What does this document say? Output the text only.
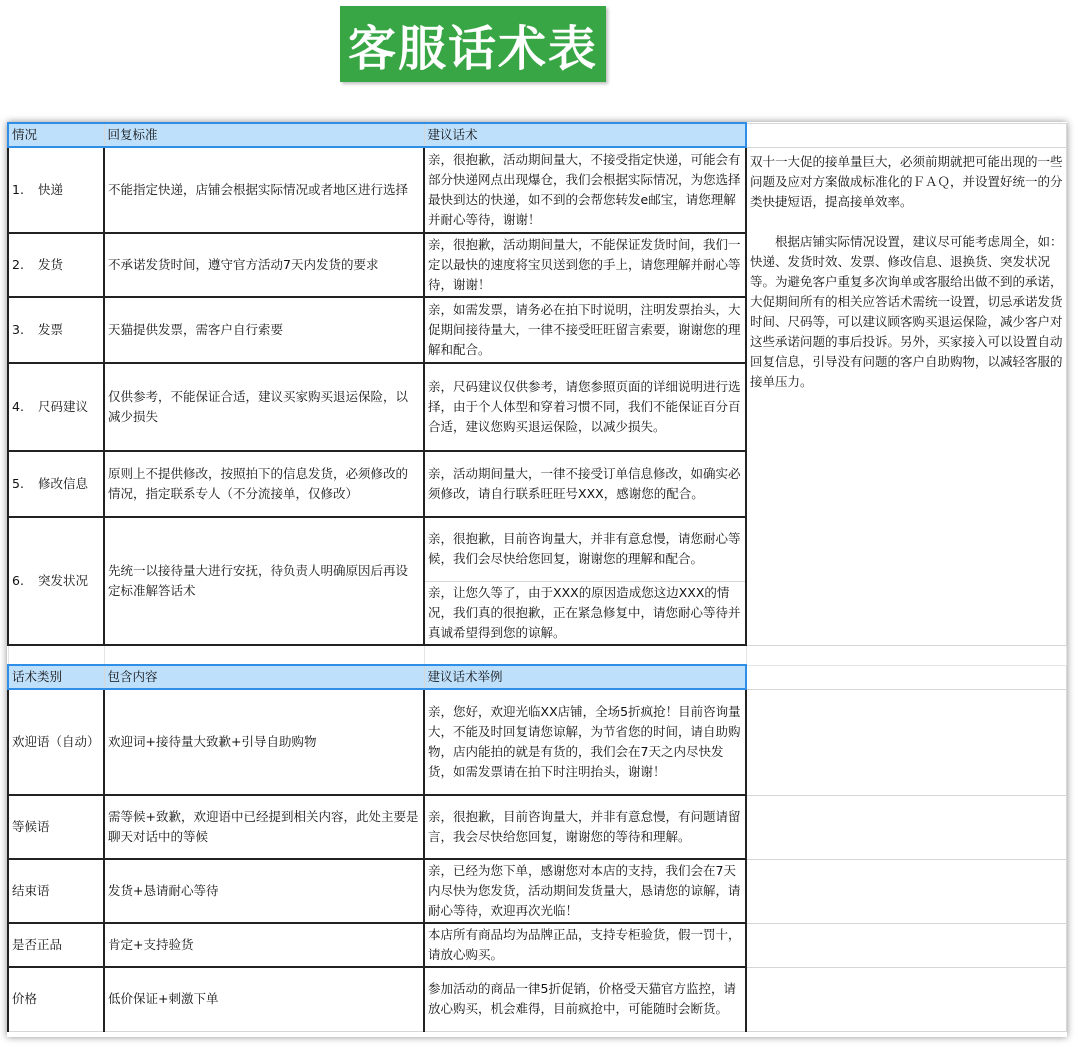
客服话术表
情况	回复标准	建议话术	
1. 快递	不能指定快递，店铺会根据实际情况或者地区进行选择	亲，很抱歉，活动期间量大，不接受指定快递，可能会有部分快递网点出现爆仓，我们会根据实际情况，为您选择最快到达的快递，如不到的会帮您转发e邮宝，请您理解并耐心等待，谢谢！	双十一大促的接单量巨大，必须前期就把可能出现的一些问题及应对方案做成标准化的ＦＡＱ，并设置好统一的分类快捷短语，提高接单效率。

　　根据店铺实际情况设置，建议尽可能考虑周全，如：快递、发货时效、发票、修改信息、退换货、突发状况等。为避免客户重复多次询单或客服给出做不到的承诺，大促期间所有的相关应答话术需统一设置，切忌承诺发货时间、尺码等，可以建议顾客购买退运保险，减少客户对这些承诺问题的事后投诉。另外，买家接入可以设置自动回复信息，引导没有问题的客户自助购物，以减轻客服的接单压力。

2. 发货	不承诺发货时间，遵守官方活动7天内发货的要求	亲，很抱歉，活动期间量大，不能保证发货时间，我们一定以最快的速度将宝贝送到您的手上，请您理解并耐心等待，谢谢！	
3. 发票	天猫提供发票，需客户自行索要	亲，如需发票，请务必在拍下时说明，注明发票抬头，大促期间接待量大，一律不接受旺旺留言索要，谢谢您的理解和配合。	
4. 尺码建议	仅供参考，不能保证合适，建议买家购买退运保险，以减少损失	亲，尺码建议仅供参考，请您参照页面的详细说明进行选择，由于个人体型和穿着习惯不同，我们不能保证百分百合适，建议您购买退运保险，以减少损失。	
5. 修改信息	原则上不提供修改，按照拍下的信息发货，必须修改的情况，指定联系专人（不分流接单，仅修改）	亲，活动期间量大，一律不接受订单信息修改，如确实必须修改，请自行联系旺旺号XXX，感谢您的配合。	
6. 突发状况	先统一以接待量大进行安抚，待负责人明确原因后再设定标准解答话术	亲，很抱歉，目前咨询量大，并非有意怠慢，请您耐心等候，我们会尽快给您回复，谢谢您的理解和配合。	
		亲，让您久等了，由于XXX的原因造成您这边XXX的情况，我们真的很抱歉，正在紧急修复中，请您耐心等待并真诚希望得到您的谅解。	

话术类别	包含内容	建议话术举例	
欢迎语（自动）	欢迎词+接待量大致歉+引导自助购物	亲，您好，欢迎光临XX店铺，全场5折疯抢！目前咨询量大，不能及时回复请您谅解，为节省您的时间，请自助购物，店内能拍的就是有货的，我们会在7天之内尽快发货，如需发票请在拍下时注明抬头，谢谢！	
等候语	需等候+致歉，欢迎语中已经提到相关内容，此处主要是聊天对话中的等候	亲，很抱歉，目前咨询量大，并非有意怠慢，有问题请留言，我会尽快给您回复，谢谢您的等待和理解。	
结束语	发货+恳请耐心等待	亲，已经为您下单，感谢您对本店的支持，我们会在7天内尽快为您发货，活动期间发货量大，恳请您的谅解，请耐心等待，欢迎再次光临！	
是否正品	肯定+支持验货	本店所有商品均为品牌正品，支持专柜验货，假一罚十，请放心购买。	
价格	低价保证+刺激下单	参加活动的商品一律5折促销，价格受天猫官方监控，请放心购买，机会难得，目前疯抢中，可能随时会断货。	
